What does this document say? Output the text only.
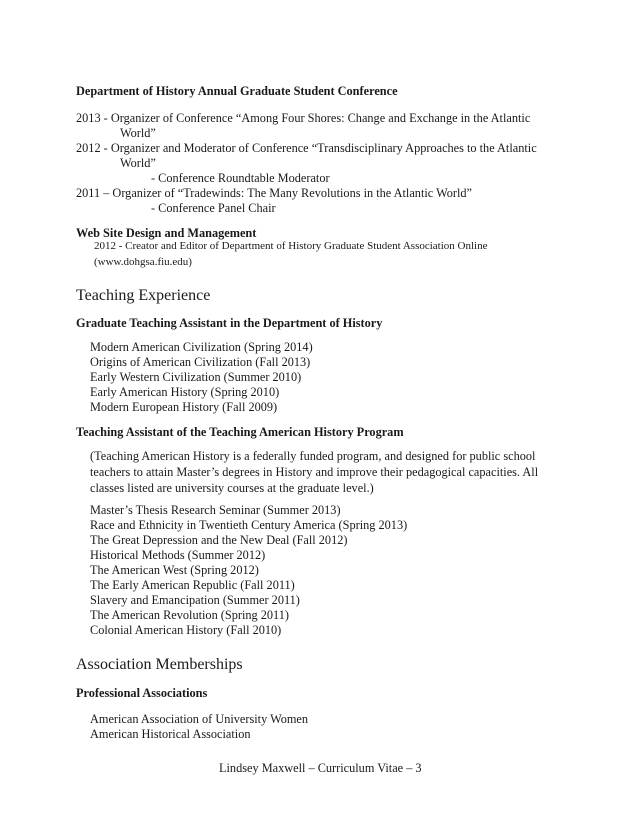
Department of History Annual Graduate Student Conference
2013 - Organizer of Conference “Among Four Shores: Change and Exchange in the Atlantic
World”
2012 - Organizer and Moderator of Conference “Transdisciplinary Approaches to the Atlantic
World”
- Conference Roundtable Moderator
2011 – Organizer of “Tradewinds: The Many Revolutions in the Atlantic World”
- Conference Panel Chair
Web Site Design and Management
2012 - Creator and Editor of Department of History Graduate Student Association Online
(www.dohgsa.fiu.edu)
Teaching Experience
Graduate Teaching Assistant in the Department of History
Modern American Civilization (Spring 2014)
Origins of American Civilization (Fall 2013)
Early Western Civilization (Summer 2010)
Early American History (Spring 2010)
Modern European History (Fall 2009)
Teaching Assistant of the Teaching American History Program
(Teaching American History is a federally funded program, and designed for public school
teachers to attain Master’s degrees in History and improve their pedagogical capacities. All
classes listed are university courses at the graduate level.)
Master’s Thesis Research Seminar (Summer 2013)
Race and Ethnicity in Twentieth Century America (Spring 2013)
The Great Depression and the New Deal (Fall 2012)
Historical Methods (Summer 2012)
The American West (Spring 2012)
The Early American Republic (Fall 2011)
Slavery and Emancipation (Summer 2011)
The American Revolution (Spring 2011)
Colonial American History (Fall 2010)
Association Memberships
Professional Associations
American Association of University Women
American Historical Association
Lindsey Maxwell – Curriculum Vitae – 3
